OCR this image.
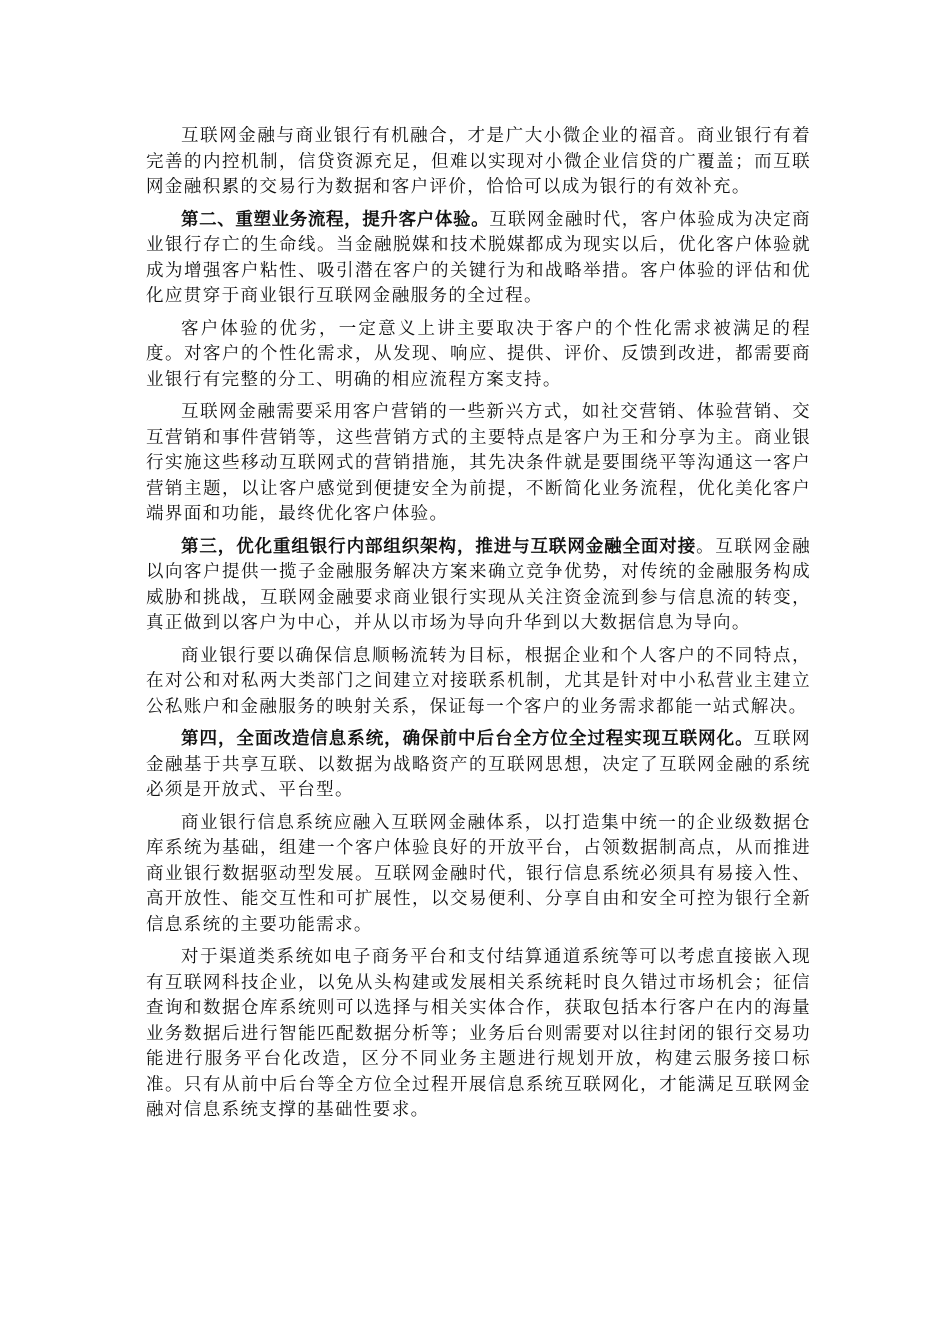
互联网金融与商业银行有机融合，才是广大小微企业的福音。商业银行有着完善的内控机制，信贷资源充足，但难以实现对小微企业信贷的广覆盖；而互联网金融积累的交易行为数据和客户评价，恰恰可以成为银行的有效补充。

第二、重塑业务流程，提升客户体验。互联网金融时代，客户体验成为决定商业银行存亡的生命线。当金融脱媒和技术脱媒都成为现实以后，优化客户体验就成为增强客户粘性、吸引潜在客户的关键行为和战略举措。客户体验的评估和优化应贯穿于商业银行互联网金融服务的全过程。

客户体验的优劣，一定意义上讲主要取决于客户的个性化需求被满足的程度。对客户的个性化需求，从发现、响应、提供、评价、反馈到改进，都需要商业银行有完整的分工、明确的相应流程方案支持。

互联网金融需要采用客户营销的一些新兴方式，如社交营销、体验营销、交互营销和事件营销等，这些营销方式的主要特点是客户为王和分享为主。商业银行实施这些移动互联网式的营销措施，其先决条件就是要围绕平等沟通这一客户营销主题，以让客户感觉到便捷安全为前提，不断简化业务流程，优化美化客户端界面和功能，最终优化客户体验。

第三，优化重组银行内部组织架构，推进与互联网金融全面对接。互联网金融以向客户提供一揽子金融服务解决方案来确立竞争优势，对传统的金融服务构成威胁和挑战，互联网金融要求商业银行实现从关注资金流到参与信息流的转变，真正做到以客户为中心，并从以市场为导向升华到以大数据信息为导向。

商业银行要以确保信息顺畅流转为目标，根据企业和个人客户的不同特点，在对公和对私两大类部门之间建立对接联系机制，尤其是针对中小私营业主建立公私账户和金融服务的映射关系，保证每一个客户的业务需求都能一站式解决。

第四，全面改造信息系统，确保前中后台全方位全过程实现互联网化。互联网金融基于共享互联、以数据为战略资产的互联网思想，决定了互联网金融的系统必须是开放式、平台型。

商业银行信息系统应融入互联网金融体系，以打造集中统一的企业级数据仓库系统为基础，组建一个客户体验良好的开放平台，占领数据制高点，从而推进商业银行数据驱动型发展。互联网金融时代，银行信息系统必须具有易接入性、高开放性、能交互性和可扩展性，以交易便利、分享自由和安全可控为银行全新信息系统的主要功能需求。

对于渠道类系统如电子商务平台和支付结算通道系统等可以考虑直接嵌入现有互联网科技企业，以免从头构建或发展相关系统耗时良久错过市场机会；征信查询和数据仓库系统则可以选择与相关实体合作，获取包括本行客户在内的海量业务数据后进行智能匹配数据分析等；业务后台则需要对以往封闭的银行交易功能进行服务平台化改造，区分不同业务主题进行规划开放，构建云服务接口标准。只有从前中后台等全方位全过程开展信息系统互联网化，才能满足互联网金融对信息系统支撑的基础性要求。
